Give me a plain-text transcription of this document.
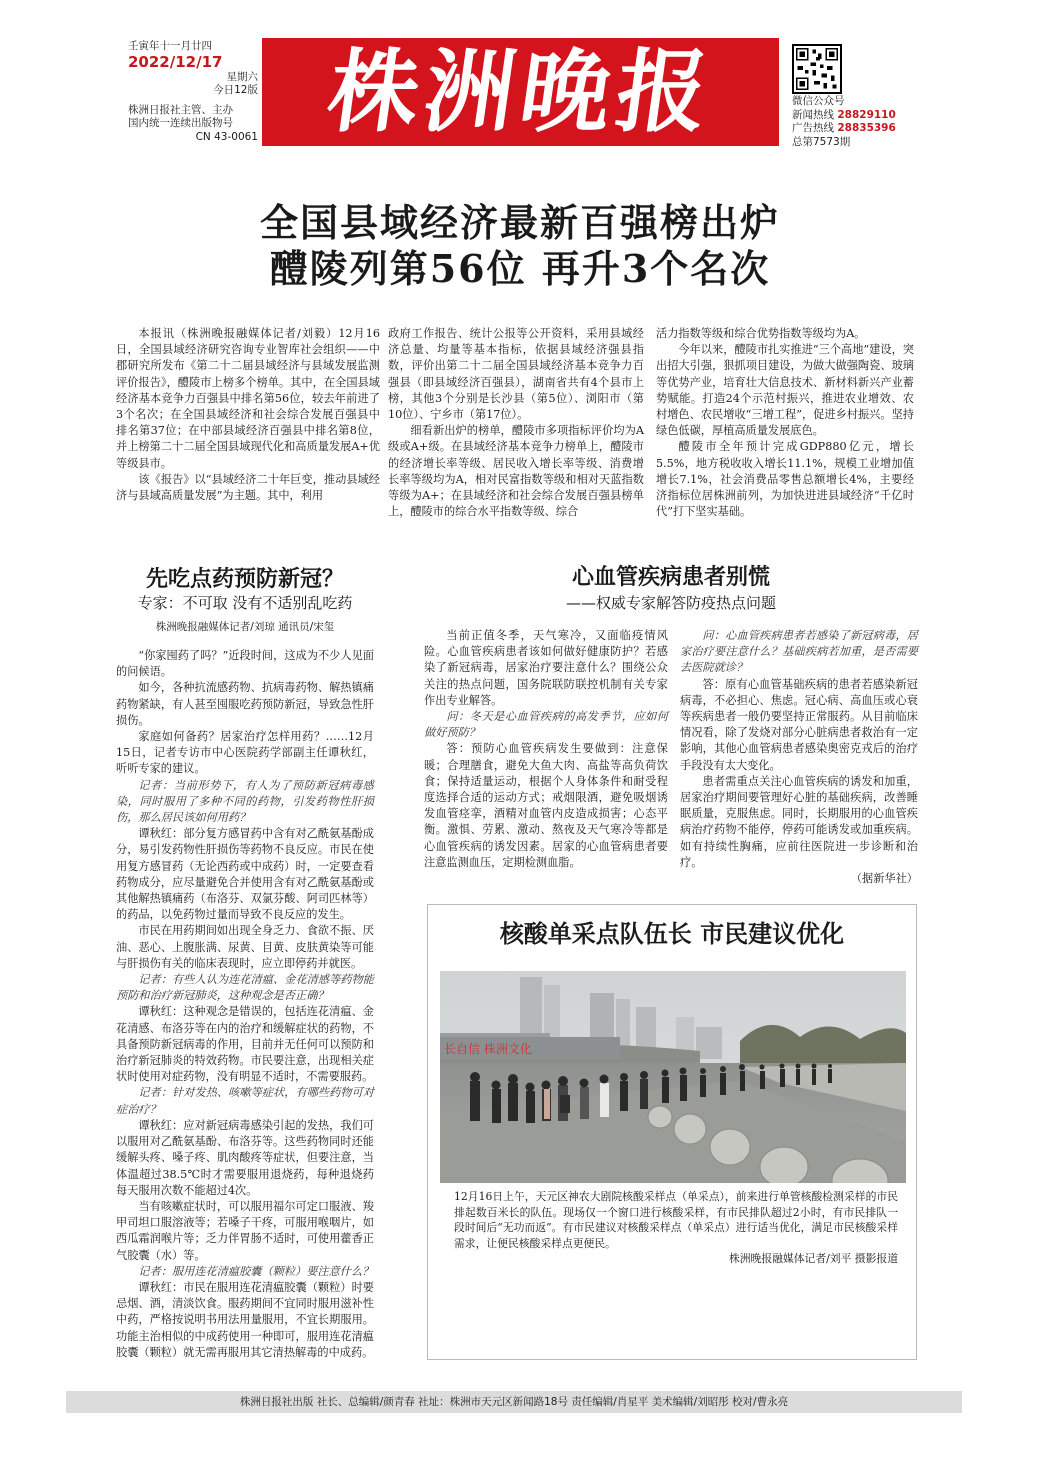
壬寅年十一月廿四
2022/12/17
星期六
今日12版
株洲日报社主管、主办
国内统一连续出版物号
CN 43-0061 株洲晚报	微信公众号
新闻热线 28829110
广告热线 28835396
总第7573期
全国县域经济最新百强榜出炉
醴陵列第56位 再升3个名次

本报讯（株洲晚报融媒体记者/刘毅）12月16日，全国县域经济研究咨询专业智库社会组织——中郡研究所发布《第二十二届县域经济与县域发展监测评价报告》，醴陵市上榜多个榜单。其中，在全国县域经济基本竞争力百强县中排名第56位，较去年前进了3个名次；在全国县域经济和社会综合发展百强县中排名第37位；在中部县域经济百强县中排名第8位，并上榜第二十二届全国县域现代化和高质量发展A+优等级县市。

该《报告》以“县域经济二十年巨变，推动县域经济与县域高质量发展”为主题。其中，利用

政府工作报告、统计公报等公开资料，采用县域经济总量、均量等基本指标，依据县域经济强县指数，评价出第二十二届全国县域经济基本竞争力百强县（即县域经济百强县），湖南省共有4个县市上榜，其他3个分别是长沙县（第5位）、浏阳市（第10位）、宁乡市（第17位）。

细看新出炉的榜单，醴陵市多项指标评价均为A级或A+级。在县域经济基本竞争力榜单上，醴陵市的经济增长率等级、居民收入增长率等级、消费增长率等级均为A，相对民富指数等级和相对天蓝指数等级为A+；在县域经济和社会综合发展百强县榜单上，醴陵市的综合水平指数等级、综合

活力指数等级和综合优势指数等级均为A。

今年以来，醴陵市扎实推进“三个高地”建设，突出招大引强，狠抓项目建设，为做大做强陶瓷、玻璃等优势产业，培育壮大信息技术、新材料新兴产业蓄势赋能。打造24个示范村振兴，推进农业增效、农村增色、农民增收“三增工程”，促进乡村振兴。坚持绿色低碳，厚植高质量发展底色。

醴陵市全年预计完成GDP880亿元，增长5.5%，地方税收收入增长11.1%，规模工业增加值增长7.1%，社会消费品零售总额增长4%，主要经济指标位居株洲前列，为加快进进县域经济“千亿时代”打下坚实基础。

先吃点药预防新冠？
专家：不可取 没有不适别乱吃药
株洲晚报融媒体记者/刘琼 通讯员/宋玺

“你家囤药了吗？”近段时间，这成为不少人见面的问候语。

如今，各种抗流感药物、抗病毒药物、解热镇痛药物紧缺，有人甚至囤服吃药预防新冠，导致急性肝损伤。

家庭如何备药？居家治疗怎样用药？……12月15日，记者专访市中心医院药学部副主任谭秋红，听听专家的建议。

记者：当前形势下，有人为了预防新冠病毒感染，同时服用了多种不同的药物，引发药物性肝损伤，那么居民该如何用药？

谭秋红：部分复方感冒药中含有对乙酰氨基酚成分，易引发药物性肝损伤等药物不良反应。市民在使用复方感冒药（无论西药或中成药）时，一定要查看药物成分，应尽量避免合并使用含有对乙酰氨基酚或其他解热镇痛药（布洛芬、双氯芬酸、阿司匹林等）的药品，以免药物过量而导致不良反应的发生。

市民在用药期间如出现全身乏力、食欲不振、厌油、恶心、上腹胀满、尿黄、目黄、皮肤黄染等可能与肝损伤有关的临床表现时，应立即停药并就医。

记者：有些人认为连花清瘟、金花清感等药物能预防和治疗新冠肺炎，这种观念是否正确？

谭秋红：这种观念是错误的，包括连花清瘟、金花清感、布洛芬等在内的治疗和缓解症状的药物，不具备预防新冠病毒的作用，目前并无任何可以预防和治疗新冠肺炎的特效药物。市民要注意，出现相关症状时使用对症药物，没有明显不适时，不需要服药。

记者：针对发热、咳嗽等症状，有哪些药物可对症治疗？

谭秋红：应对新冠病毒感染引起的发热，我们可以服用对乙酰氨基酚、布洛芬等。这些药物同时还能缓解头疼、嗓子疼、肌肉酸疼等症状，但要注意，当体温超过38.5℃时才需要服用退烧药，每种退烧药每天服用次数不能超过4次。

当有咳嗽症状时，可以服用福尔可定口服液、羧甲司坦口服溶液等；若嗓子干疼，可服用喉咽片，如西瓜霜润喉片等；乏力伴胃肠不适时，可使用藿香正气胶囊（水）等。

记者：服用连花清瘟胶囊（颗粒）要注意什么？

谭秋红：市民在服用连花清瘟胶囊（颗粒）时要忌烟、酒，清淡饮食。服药期间不宜同时服用滋补性中药，严格按说明书用法用量服用，不宜长期服用。功能主治相似的中成药使用一种即可，服用连花清瘟胶囊（颗粒）就无需再服用其它清热解毒的中成药。

心血管疾病患者别慌
——权威专家解答防疫热点问题

当前正值冬季，天气寒冷，又面临疫情风险。心血管疾病患者该如何做好健康防护？若感染了新冠病毒，居家治疗要注意什么？围绕公众关注的热点问题，国务院联防联控机制有关专家作出专业解答。

问：冬天是心血管疾病的高发季节，应如何做好预防？

答：预防心血管疾病发生要做到：注意保暖；合理膳食，避免大鱼大肉、高盐等高负荷饮食；保持适量运动，根据个人身体条件和耐受程度选择合适的运动方式；戒烟限酒，避免吸烟诱发血管痉挛，酒精对血管内皮造成损害；心态平衡。激惧、劳累、激动、熬夜及天气寒冷等都是心血管疾病的诱发因素。居家的心血管病患者要注意监测血压，定期检测血脂。

问：心血管疾病患者若感染了新冠病毒，居家治疗要注意什么？基础疾病若加重，是否需要去医院就诊？

答：原有心血管基础疾病的患者若感染新冠病毒，不必担心、焦虑。冠心病、高血压或心衰等疾病患者一般仍要坚持正常服药。从目前临床情况看，除了发烧对部分心脏病患者救治有一定影响，其他心血管病患者感染奥密克戎后的治疗手段没有太大变化。

患者需重点关注心血管疾病的诱发和加重，居家治疗期间要管理好心脏的基础疾病，改善睡眠质量，克服焦虑。同时，长期服用的心血管疾病治疗药物不能停，停药可能诱发或加重疾病。如有持续性胸痛，应前往医院进一步诊断和治疗。

（据新华社）

核酸单采点队伍长 市民建议优化
长自信 株洲文化
12月16日上午，天元区神农大剧院核酸采样点（单采点），前来进行单管核酸检测采样的市民排起数百米长的队伍。现场仅一个窗口进行核酸采样，有市民排队超过2小时，有市民排队一段时间后“无功而返”。有市民建议对核酸采样点（单采点）进行适当优化，满足市民核酸采样需求，让便民核酸采样点更便民。
株洲晚报融媒体记者/刘平 摄影报道
株洲日报社出版 社长、总编辑/颜青春 社址：株洲市天元区新闻路18号 责任编辑/肖星平 美术编辑/刘昭彤 校对/曹永亮
